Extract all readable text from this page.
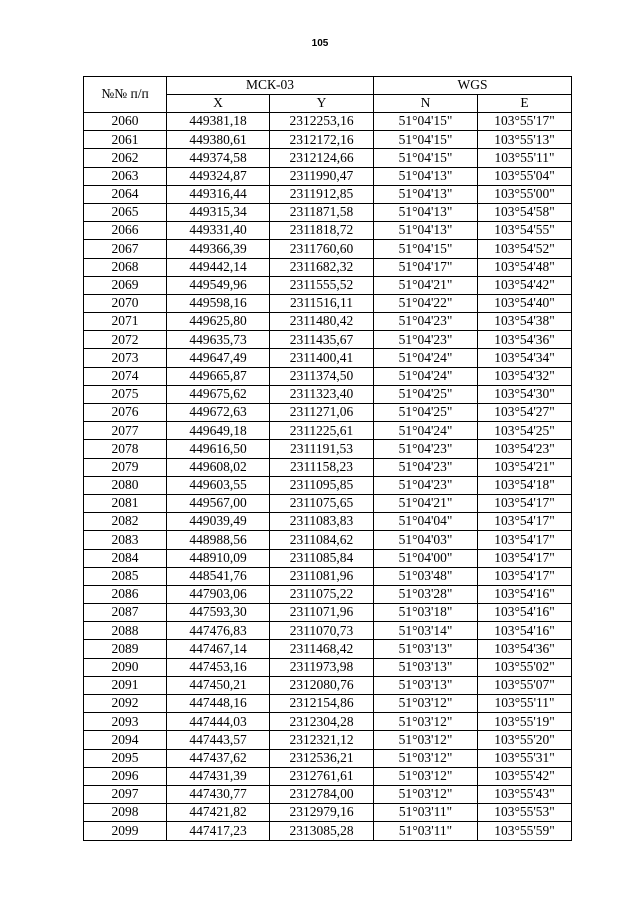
105
№№ п/п	МСК-03		WGS	
	X	Y	N	E
2060	449381,18	2312253,16	51°04'15"	103°55'17"
2061	449380,61	2312172,16	51°04'15"	103°55'13"
2062	449374,58	2312124,66	51°04'15"	103°55'11"
2063	449324,87	2311990,47	51°04'13"	103°55'04"
2064	449316,44	2311912,85	51°04'13"	103°55'00"
2065	449315,34	2311871,58	51°04'13"	103°54'58"
2066	449331,40	2311818,72	51°04'13"	103°54'55"
2067	449366,39	2311760,60	51°04'15"	103°54'52"
2068	449442,14	2311682,32	51°04'17"	103°54'48"
2069	449549,96	2311555,52	51°04'21"	103°54'42"
2070	449598,16	2311516,11	51°04'22"	103°54'40"
2071	449625,80	2311480,42	51°04'23"	103°54'38"
2072	449635,73	2311435,67	51°04'23"	103°54'36"
2073	449647,49	2311400,41	51°04'24"	103°54'34"
2074	449665,87	2311374,50	51°04'24"	103°54'32"
2075	449675,62	2311323,40	51°04'25"	103°54'30"
2076	449672,63	2311271,06	51°04'25"	103°54'27"
2077	449649,18	2311225,61	51°04'24"	103°54'25"
2078	449616,50	2311191,53	51°04'23"	103°54'23"
2079	449608,02	2311158,23	51°04'23"	103°54'21"
2080	449603,55	2311095,85	51°04'23"	103°54'18"
2081	449567,00	2311075,65	51°04'21"	103°54'17"
2082	449039,49	2311083,83	51°04'04"	103°54'17"
2083	448988,56	2311084,62	51°04'03"	103°54'17"
2084	448910,09	2311085,84	51°04'00"	103°54'17"
2085	448541,76	2311081,96	51°03'48"	103°54'17"
2086	447903,06	2311075,22	51°03'28"	103°54'16"
2087	447593,30	2311071,96	51°03'18"	103°54'16"
2088	447476,83	2311070,73	51°03'14"	103°54'16"
2089	447467,14	2311468,42	51°03'13"	103°54'36"
2090	447453,16	2311973,98	51°03'13"	103°55'02"
2091	447450,21	2312080,76	51°03'13"	103°55'07"
2092	447448,16	2312154,86	51°03'12"	103°55'11"
2093	447444,03	2312304,28	51°03'12"	103°55'19"
2094	447443,57	2312321,12	51°03'12"	103°55'20"
2095	447437,62	2312536,21	51°03'12"	103°55'31"
2096	447431,39	2312761,61	51°03'12"	103°55'42"
2097	447430,77	2312784,00	51°03'12"	103°55'43"
2098	447421,82	2312979,16	51°03'11"	103°55'53"
2099	447417,23	2313085,28	51°03'11"	103°55'59"
